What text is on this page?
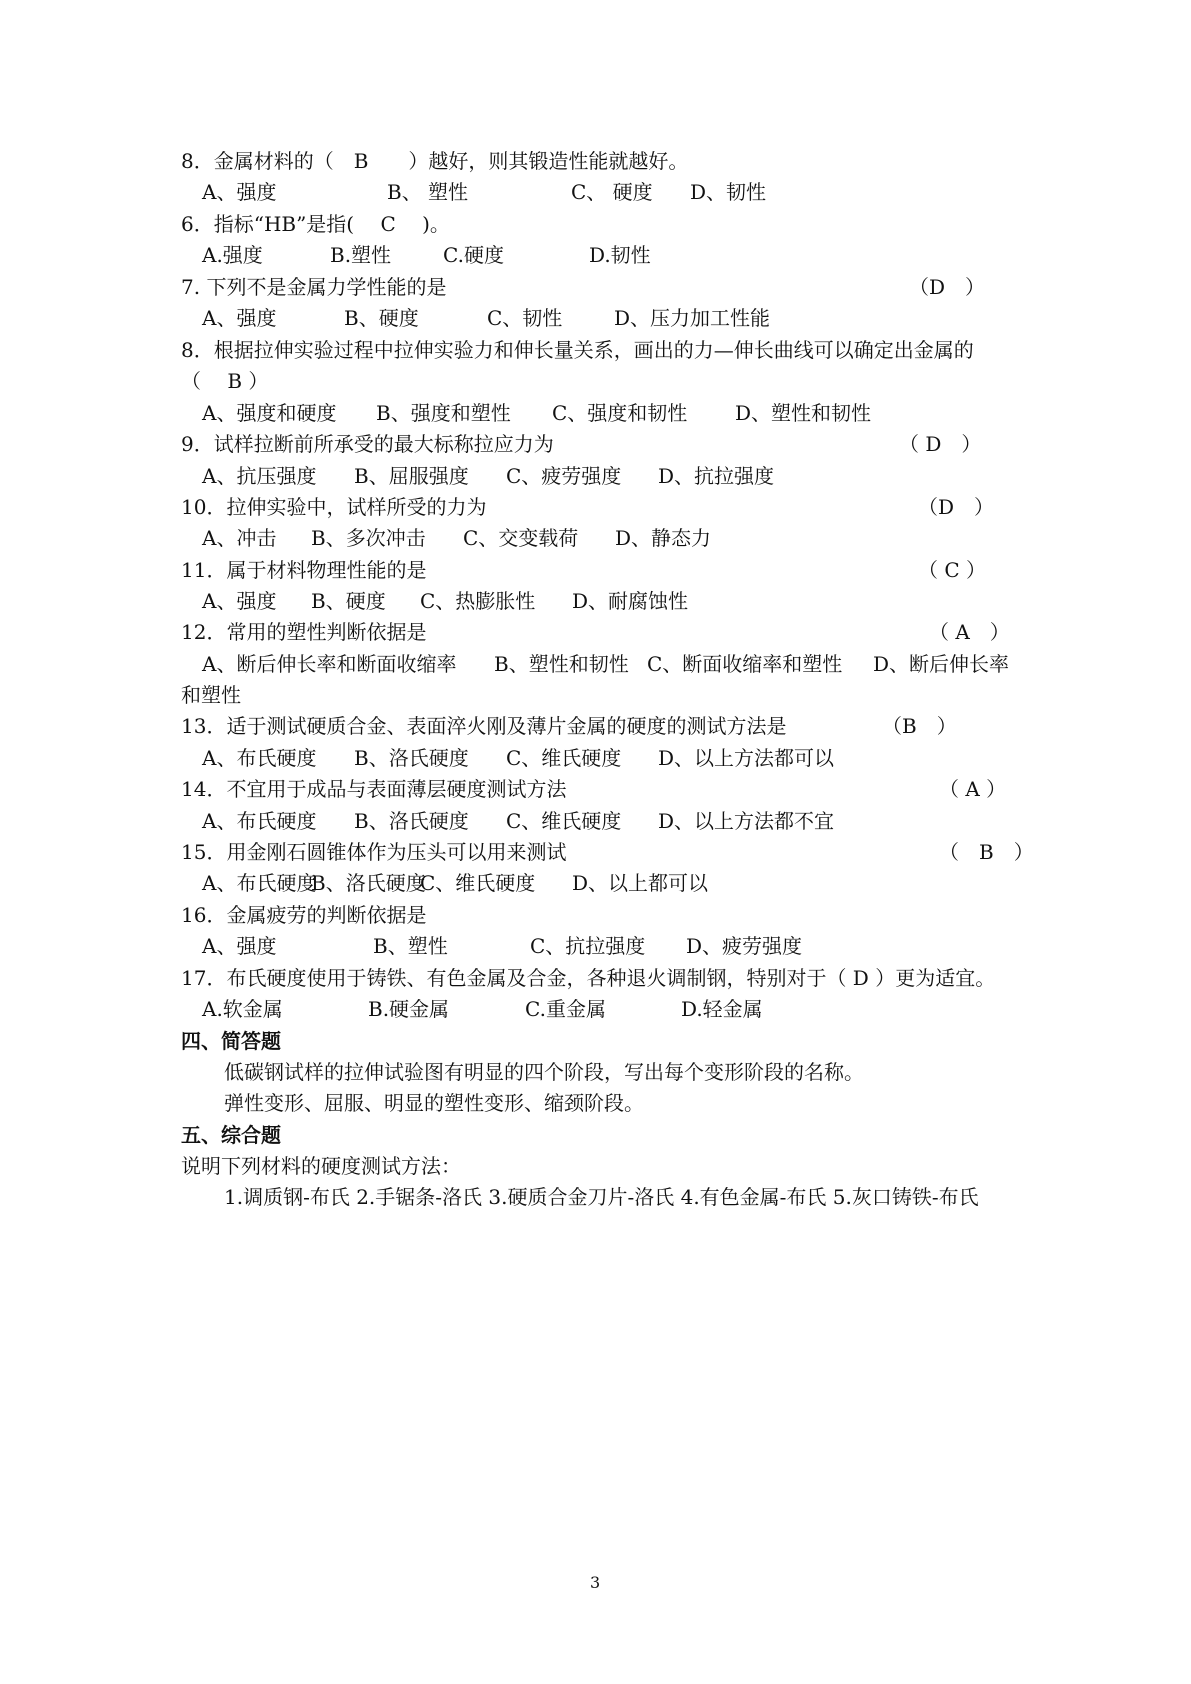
8．金属材料的（　B　　）越好，则其锻造性能就越好。
A、强度	B、 塑性	C、 硬度 D、韧性
6．指标“HB”是指(　 C　 )。
A.强度	B.塑性	C.硬度	D.韧性
7. 下列不是金属力学性能的是	（D　）
A、强度	B、硬度	C、韧性	D、压力加工性能
8．根据拉伸实验过程中拉伸实验力和伸长量关系，画出的力—伸长曲线可以确定出金属的
（　 B ）
A、强度和硬度 B、强度和塑性 C、强度和韧性 D、塑性和韧性
9．试样拉断前所承受的最大标称拉应力为	（ D　）
A、抗压强度 B、屈服强度 C、疲劳强度 D、抗拉强度
10．拉伸实验中，试样所受的力为	（D　）
A、冲击 B、多次冲击 C、交变载荷 D、静态力
11．属于材料物理性能的是	（ C ）
A、强度 B、硬度 C、热膨胀性 D、耐腐蚀性
12．常用的塑性判断依据是	（ A　）
A、断后伸长率和断面收缩率 B、塑性和韧性 C、断面收缩率和塑性 D、断后伸长率
和塑性
13．适于测试硬质合金、表面淬火刚及薄片金属的硬度的测试方法是	（B　）
A、布氏硬度 B、洛氏硬度 C、维氏硬度 D、以上方法都可以
14．不宜用于成品与表面薄层硬度测试方法	（ A ）
A、布氏硬度 B、洛氏硬度 C、维氏硬度 D、以上方法都不宜
15．用金刚石圆锥体作为压头可以用来测试	（　B　）
A、布氏硬度
B、洛氏硬度
C、维氏硬度 D、以上都可以
16．金属疲劳的判断依据是
A、强度	B、塑性	C、抗拉强度 D、疲劳强度
17．布氏硬度使用于铸铁、有色金属及合金，各种退火调制钢，特别对于（ D ）更为适宜。
A.软金属	B.硬金属	C.重金属	D.轻金属
四、简答题
低碳钢试样的拉伸试验图有明显的四个阶段，写出每个变形阶段的名称。
弹性变形、屈服、明显的塑性变形、缩颈阶段。
五、综合题
说明下列材料的硬度测试方法：
1.调质钢-布氏 2.手锯条-洛氏 3.硬质合金刀片-洛氏 4.有色金属-布氏 5.灰口铸铁-布氏
3
